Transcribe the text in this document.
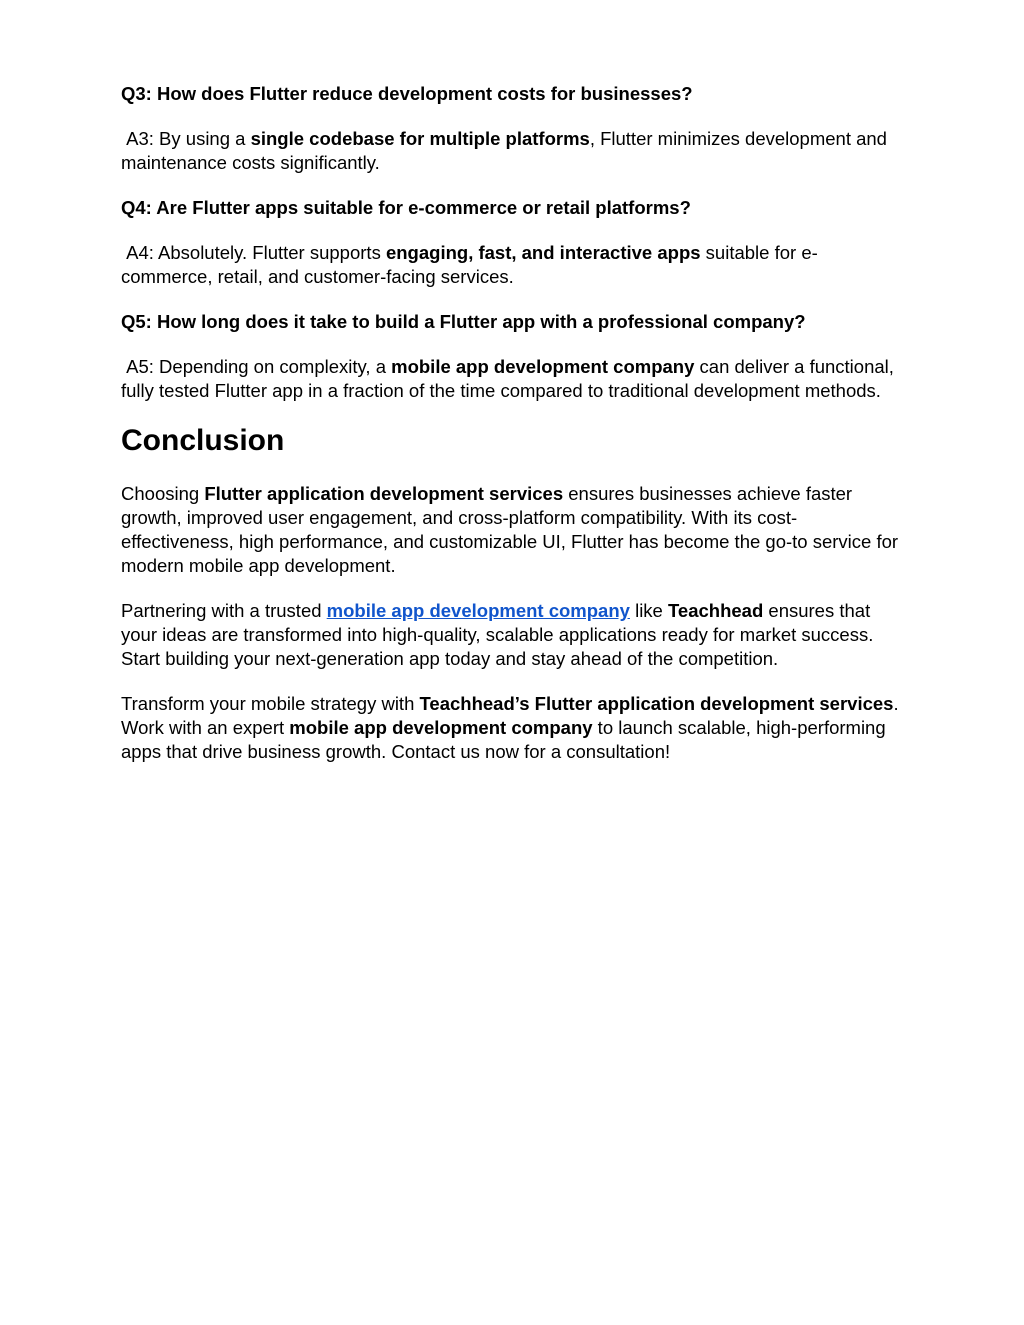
Q3: How does Flutter reduce development costs for businesses?

A3: By using a single codebase for multiple platforms, Flutter minimizes development and maintenance costs significantly.

Q4: Are Flutter apps suitable for e-commerce or retail platforms?

A4: Absolutely. Flutter supports engaging, fast, and interactive apps suitable for e-commerce, retail, and customer-facing services.

Q5: How long does it take to build a Flutter app with a professional company?

A5: Depending on complexity, a mobile app development company can deliver a functional, fully tested Flutter app in a fraction of the time compared to traditional development methods.

Conclusion

Choosing Flutter application development services ensures businesses achieve faster growth, improved user engagement, and cross-platform compatibility. With its cost-effectiveness, high performance, and customizable UI, Flutter has become the go-to service for modern mobile app development.

Partnering with a trusted mobile app development company like Teachhead ensures that your ideas are transformed into high-quality, scalable applications ready for market success. Start building your next-generation app today and stay ahead of the competition.

Transform your mobile strategy with Teachhead’s Flutter application development services. Work with an expert mobile app development company to launch scalable, high-performing apps that drive business growth. Contact us now for a consultation!
